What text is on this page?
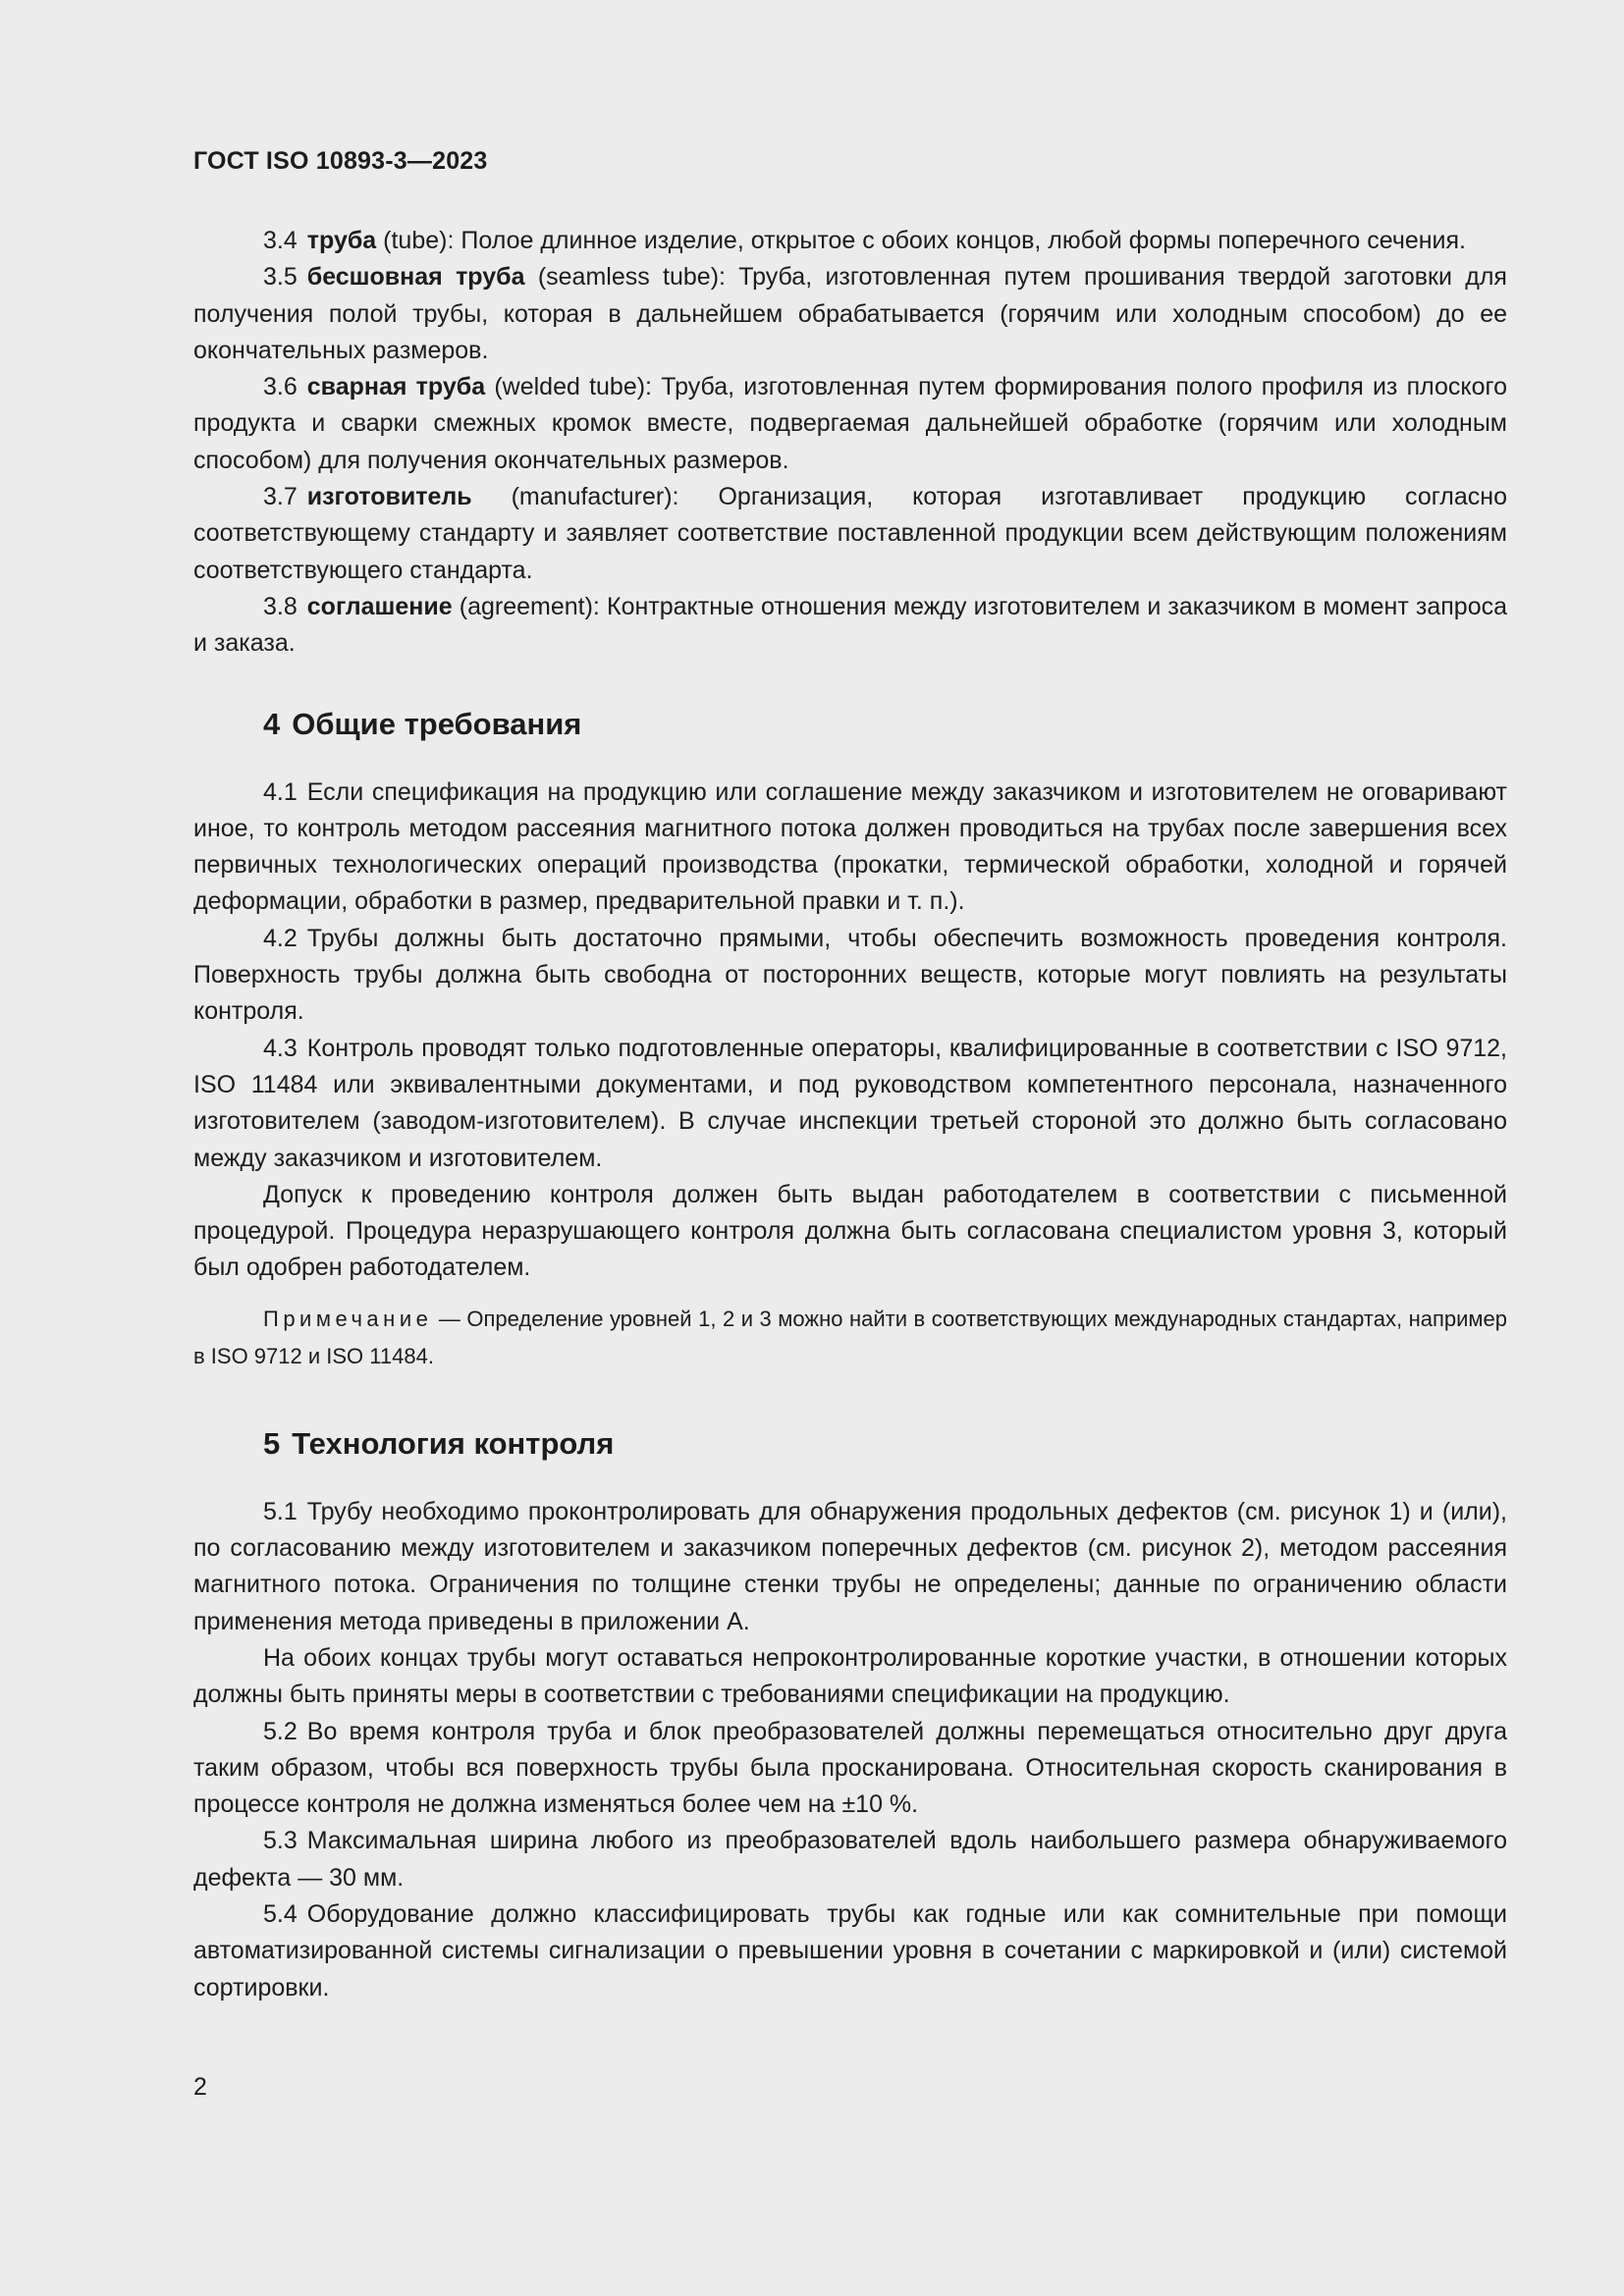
ГОСТ ISO 10893-3—2023

3.4 труба (tube): Полое длинное изделие, открытое с обоих концов, любой формы поперечного сечения.

3.5 бесшовная труба (seamless tube): Труба, изготовленная путем прошивания твердой заготовки для получения полой трубы, которая в дальнейшем обрабатывается (горячим или холодным способом) до ее окончательных размеров.

3.6 сварная труба (welded tube): Труба, изготовленная путем формирования полого профиля из плоского продукта и сварки смежных кромок вместе, подвергаемая дальнейшей обработке (горячим или холодным способом) для получения окончательных размеров.

3.7 изготовитель (manufacturer): Организация, которая изготавливает продукцию согласно соответствующему стандарту и заявляет соответствие поставленной продукции всем действующим положениям соответствующего стандарта.

3.8 соглашение (agreement): Контрактные отношения между изготовителем и заказчиком в момент запроса и заказа.

4 Общие требования

4.1 Если спецификация на продукцию или соглашение между заказчиком и изготовителем не оговаривают иное, то контроль методом рассеяния магнитного потока должен проводиться на трубах после завершения всех первичных технологических операций производства (прокатки, термической обработки, холодной и горячей деформации, обработки в размер, предварительной правки и т. п.).

4.2 Трубы должны быть достаточно прямыми, чтобы обеспечить возможность проведения контроля. Поверхность трубы должна быть свободна от посторонних веществ, которые могут повлиять на результаты контроля.

4.3 Контроль проводят только подготовленные операторы, квалифицированные в соответствии с ISO 9712, ISO 11484 или эквивалентными документами, и под руководством компетентного персонала, назначенного изготовителем (заводом-изготовителем). В случае инспекции третьей стороной это должно быть согласовано между заказчиком и изготовителем.

Допуск к проведению контроля должен быть выдан работодателем в соответствии с письменной процедурой. Процедура неразрушающего контроля должна быть согласована специалистом уровня 3, который был одобрен работодателем.

Примечание — Определение уровней 1, 2 и 3 можно найти в соответствующих международных стандартах, например в ISO 9712 и ISO 11484.

5 Технология контроля

5.1 Трубу необходимо проконтролировать для обнаружения продольных дефектов (см. рисунок 1) и (или), по согласованию между изготовителем и заказчиком поперечных дефектов (см. рисунок 2), методом рассеяния магнитного потока. Ограничения по толщине стенки трубы не определены; данные по ограничению области применения метода приведены в приложении А.

На обоих концах трубы могут оставаться непроконтролированные короткие участки, в отношении которых должны быть приняты меры в соответствии с требованиями спецификации на продукцию.

5.2 Во время контроля труба и блок преобразователей должны перемещаться относительно друг друга таким образом, чтобы вся поверхность трубы была просканирована. Относительная скорость сканирования в процессе контроля не должна изменяться более чем на ±10 %.

5.3 Максимальная ширина любого из преобразователей вдоль наибольшего размера обнаруживаемого дефекта — 30 мм.

5.4 Оборудование должно классифицировать трубы как годные или как сомнительные при помощи автоматизированной системы сигнализации о превышении уровня в сочетании с маркировкой и (или) системой сортировки.

2
